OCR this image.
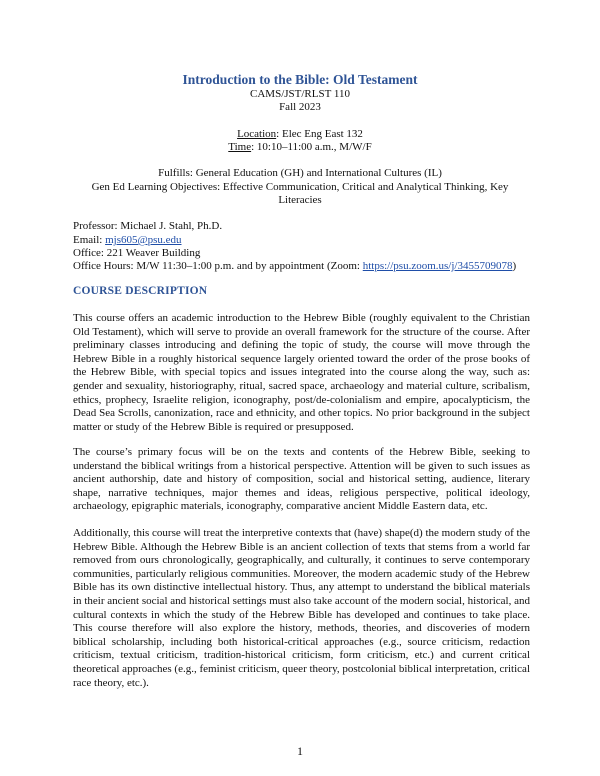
Introduction to the Bible: Old Testament
CAMS/JST/RLST 110
Fall 2023
Location: Elec Eng East 132
Time: 10:10–11:00 a.m., M/W/F
Fulfills: General Education (GH) and International Cultures (IL)
Gen Ed Learning Objectives: Effective Communication, Critical and Analytical Thinking, Key
Literacies
Professor: Michael J. Stahl, Ph.D.
Email: mjs605@psu.edu
Office: 221 Weaver Building
Office Hours: M/W 11:30–1:00 p.m. and by appointment (Zoom: https://psu.zoom.us/j/3455709078)
COURSE DESCRIPTION
This course offers an academic introduction to the Hebrew Bible (roughly equivalent to the Christian Old Testament), which will serve to provide an overall framework for the structure of the course. After preliminary classes introducing and defining the topic of study, the course will move through the Hebrew Bible in a roughly historical sequence largely oriented toward the order of the prose books of the Hebrew Bible, with special topics and issues integrated into the course along the way, such as: gender and sexuality, historiography, ritual, sacred space, archaeology and material culture, scribalism, ethics, prophecy, Israelite religion, iconography, post/de-colonialism and empire, apocalypticism, the Dead Sea Scrolls, canonization, race and ethnicity, and other topics. No prior background in the subject matter or study of the Hebrew Bible is required or presupposed.
The course’s primary focus will be on the texts and contents of the Hebrew Bible, seeking to understand the biblical writings from a historical perspective. Attention will be given to such issues as ancient authorship, date and history of composition, social and historical setting, audience, literary shape, narrative techniques, major themes and ideas, religious perspective, political ideology, archaeology, epigraphic materials, iconography, comparative ancient Middle Eastern data, etc.
Additionally, this course will treat the interpretive contexts that (have) shape(d) the modern study of the Hebrew Bible. Although the Hebrew Bible is an ancient collection of texts that stems from a world far removed from ours chronologically, geographically, and culturally, it continues to serve contemporary communities, particularly religious communities. Moreover, the modern academic study of the Hebrew Bible has its own distinctive intellectual history. Thus, any attempt to understand the biblical materials in their ancient social and historical settings must also take account of the modern social, historical, and cultural contexts in which the study of the Hebrew Bible has developed and continues to take place. This course therefore will also explore the history, methods, theories, and discoveries of modern biblical scholarship, including both historical-critical approaches (e.g., source criticism, redaction criticism, textual criticism, tradition-historical criticism, form criticism, etc.) and current critical theoretical approaches (e.g., feminist criticism, queer theory, postcolonial biblical interpretation, critical race theory, etc.).
1
